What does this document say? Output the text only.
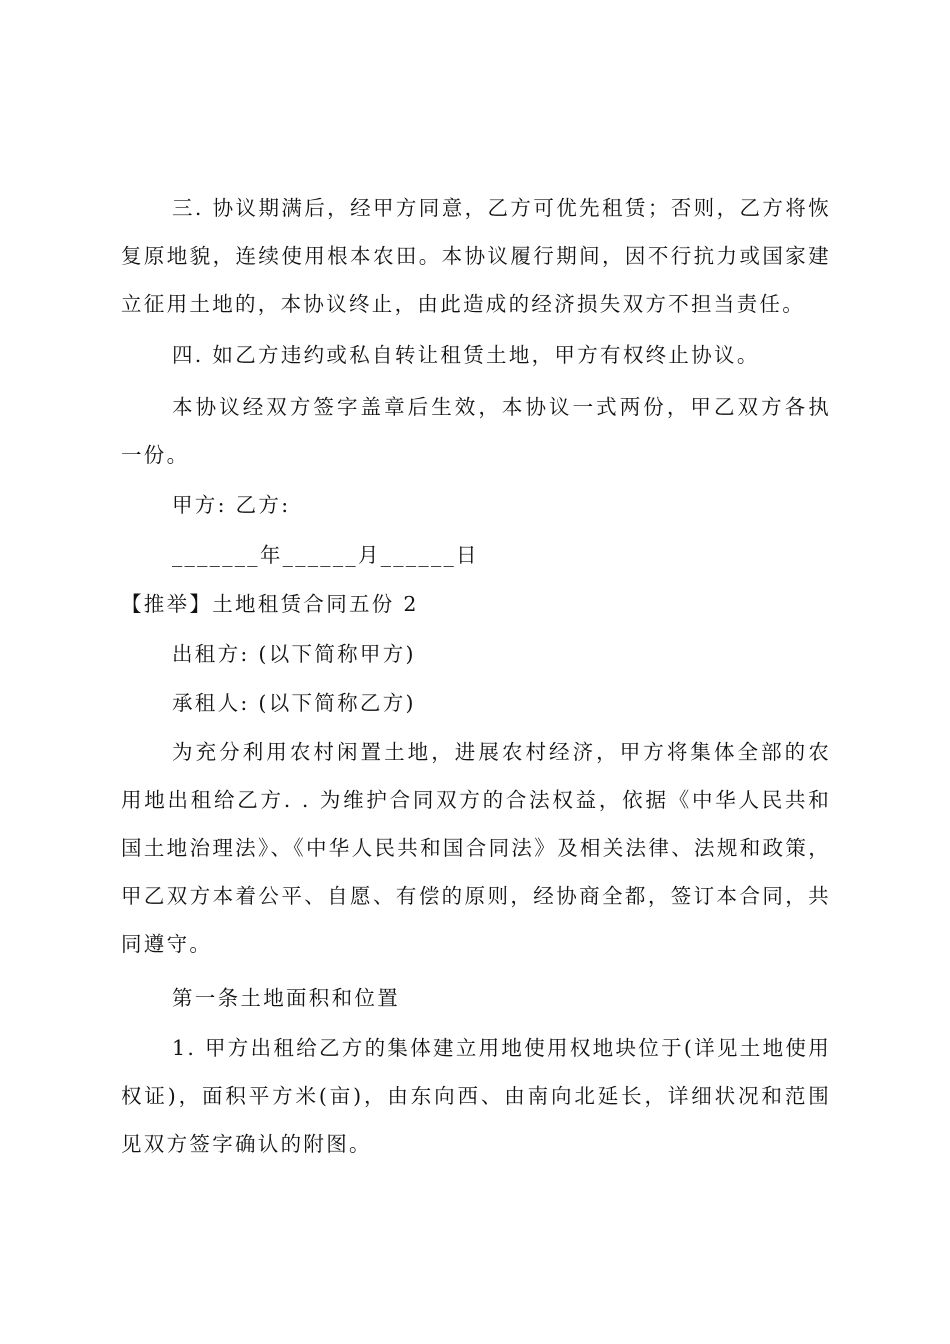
三. 协议期满后，经甲方同意，乙方可优先租赁；否则，乙方将恢复原地貌，连续使用根本农田。本协议履行期间，因不行抗力或国家建立征用土地的，本协议终止，由此造成的经济损失双方不担当责任。

四. 如乙方违约或私自转让租赁土地，甲方有权终止协议。

本协议经双方签字盖章后生效，本协议一式两份，甲乙双方各执一份。

甲方: 乙方:

_______年______月______日

【推举】土地租赁合同五份 2

出租方: (以下简称甲方)

承租人: (以下简称乙方)

为充分利用农村闲置土地，进展农村经济，甲方将集体全部的农用地出租给乙方. . 为维护合同双方的合法权益，依据《中华人民共和国土地治理法》、《中华人民共和国合同法》及相关法律、法规和政策，甲乙双方本着公平、自愿、有偿的原则，经协商全都，签订本合同，共同遵守。

第一条土地面积和位置

1. 甲方出租给乙方的集体建立用地使用权地块位于(详见土地使用权证)，面积平方米(亩)，由东向西、由南向北延长，详细状况和范围见双方签字确认的附图。
